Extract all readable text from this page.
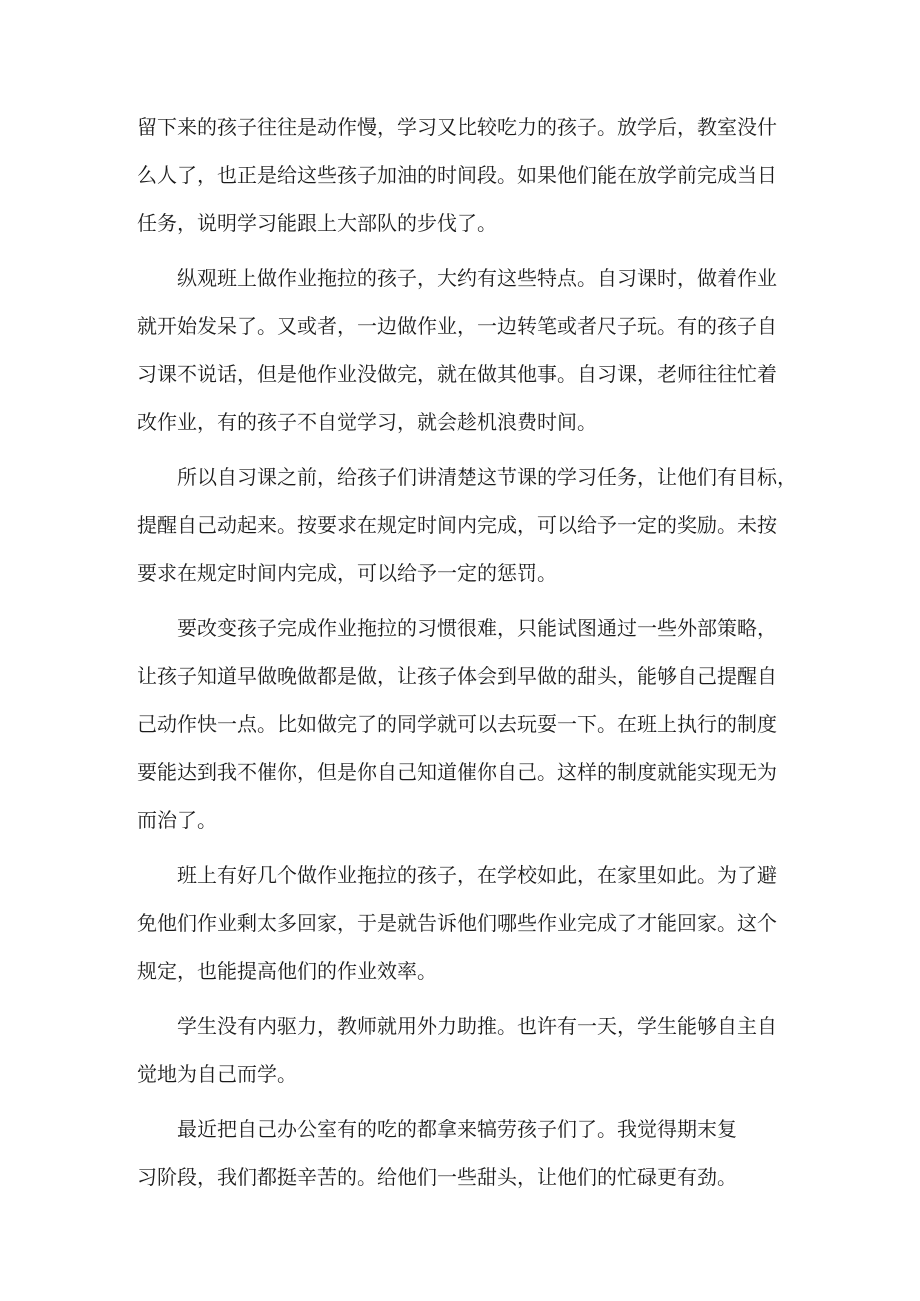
留下来的孩子往往是动作慢，学习又比较吃力的孩子。放学后，教室没什
么人了，也正是给这些孩子加油的时间段。如果他们能在放学前完成当日
任务，说明学习能跟上大部队的步伐了。
纵观班上做作业拖拉的孩子，大约有这些特点。自习课时，做着作业
就开始发呆了。又或者，一边做作业，一边转笔或者尺子玩。有的孩子自
习课不说话，但是他作业没做完，就在做其他事。自习课，老师往往忙着
改作业，有的孩子不自觉学习，就会趁机浪费时间。
所以自习课之前，给孩子们讲清楚这节课的学习任务，让他们有目标，
提醒自己动起来。按要求在规定时间内完成，可以给予一定的奖励。未按
要求在规定时间内完成，可以给予一定的惩罚。
要改变孩子完成作业拖拉的习惯很难，只能试图通过一些外部策略，
让孩子知道早做晚做都是做，让孩子体会到早做的甜头，能够自己提醒自
己动作快一点。比如做完了的同学就可以去玩耍一下。在班上执行的制度
要能达到我不催你，但是你自己知道催你自己。这样的制度就能实现无为
而治了。
班上有好几个做作业拖拉的孩子，在学校如此，在家里如此。为了避
免他们作业剩太多回家，于是就告诉他们哪些作业完成了才能回家。这个
规定，也能提高他们的作业效率。
学生没有内驱力，教师就用外力助推。也许有一天，学生能够自主自
觉地为自己而学。
最近把自己办公室有的吃的都拿来犒劳孩子们了。我觉得期末复
习阶段，我们都挺辛苦的。给他们一些甜头，让他们的忙碌更有劲。
